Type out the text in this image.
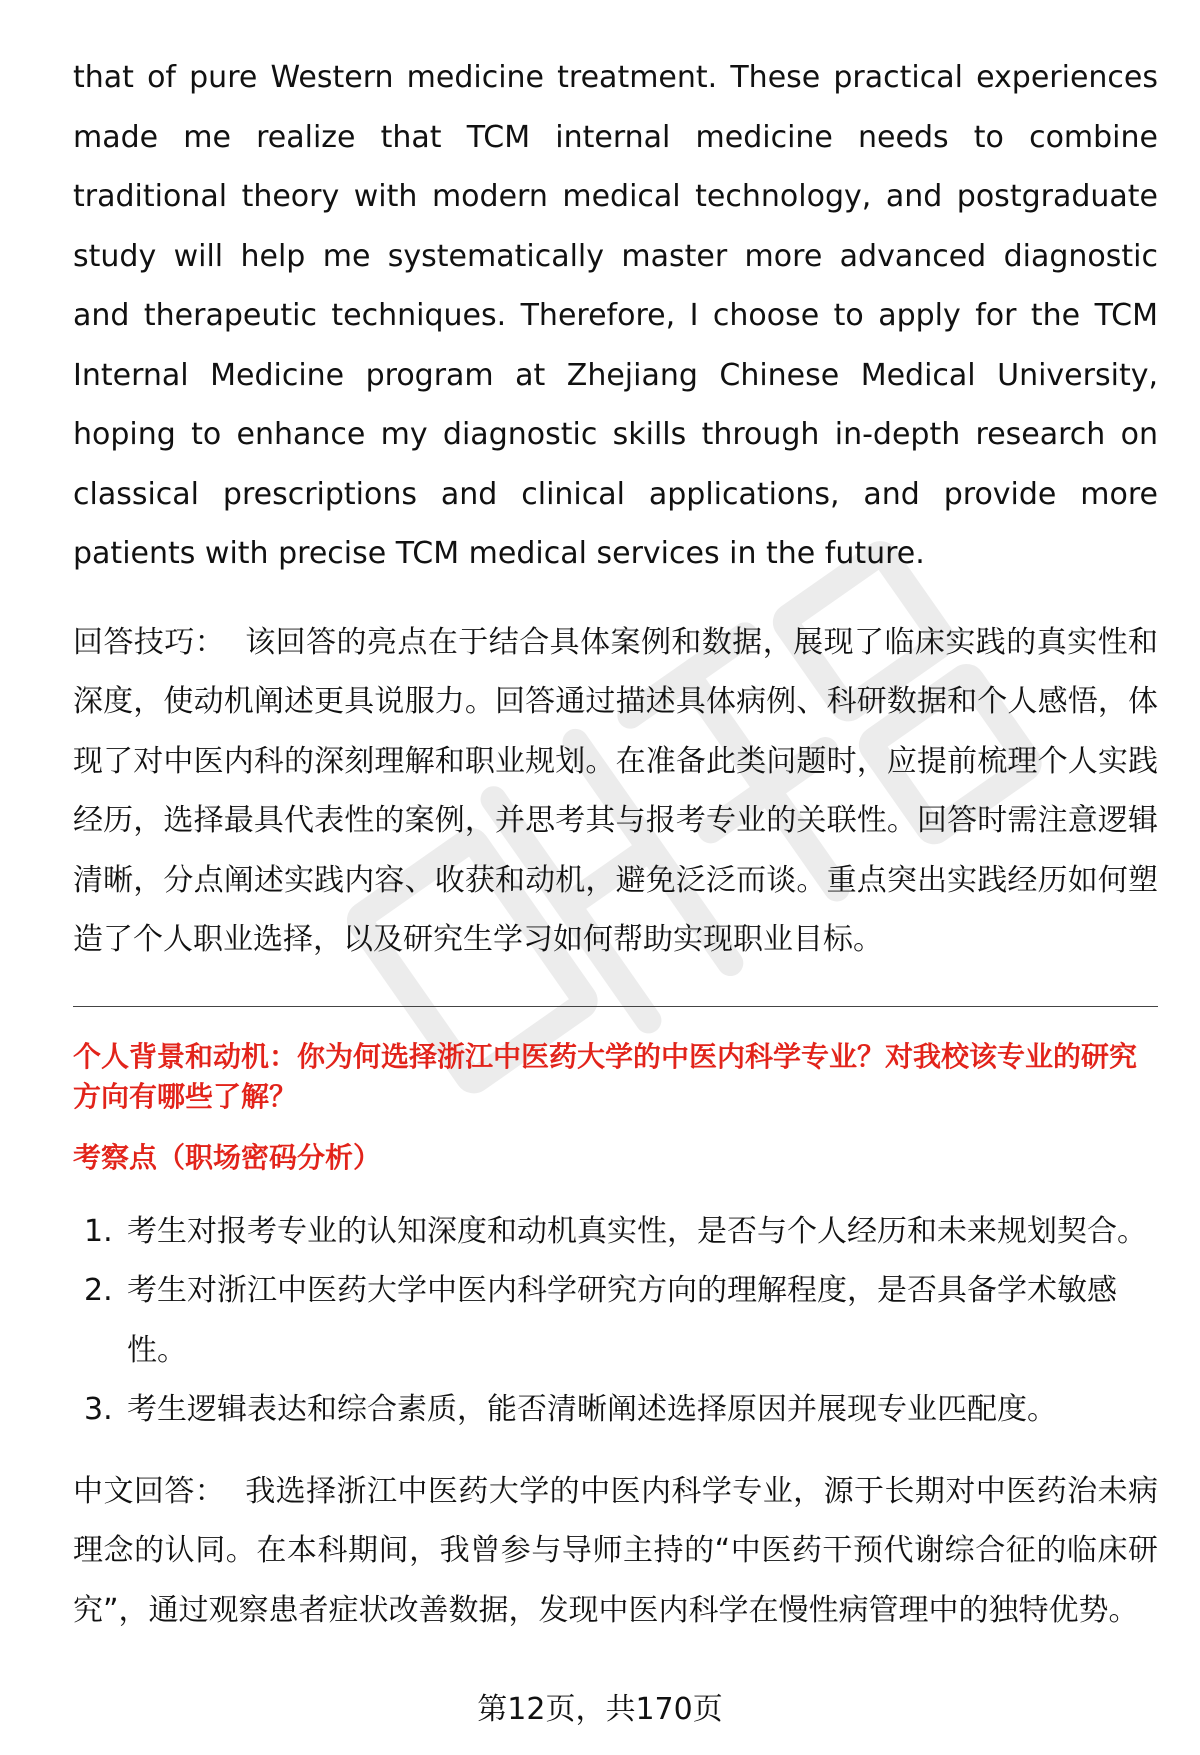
that of pure Western medicine treatment. These practical experiences made me realize that TCM internal medicine needs to combine traditional theory with modern medical technology, and postgraduate study will help me systematically master more advanced diagnostic and therapeutic techniques. Therefore, I choose to apply for the TCM Internal Medicine program at Zhejiang Chinese Medical University, hoping to enhance my diagnostic skills through in-depth research on classical prescriptions and clinical applications, and provide more patients with precise TCM medical services in the future.

回答技巧： 该回答的亮点在于结合具体案例和数据，展现了临床实践的真实性和深度，使动机阐述更具说服力。回答通过描述具体病例、科研数据和个人感悟，体现了对中医内科的深刻理解和职业规划。在准备此类问题时，应提前梳理个人实践经历，选择最具代表性的案例，并思考其与报考专业的关联性。回答时需注意逻辑清晰，分点阐述实践内容、收获和动机，避免泛泛而谈。重点突出实践经历如何塑造了个人职业选择，以及研究生学习如何帮助实现职业目标。

个人背景和动机：你为何选择浙江中医药大学的中医内科学专业？对我校该专业的研究方向有哪些了解？

考察点（职场密码分析）

1. 考生对报考专业的认知深度和动机真实性，是否与个人经历和未来规划契合。
2. 考生对浙江中医药大学中医内科学研究方向的理解程度，是否具备学术敏感性。
3. 考生逻辑表达和综合素质，能否清晰阐述选择原因并展现专业匹配度。

中文回答： 我选择浙江中医药大学的中医内科学专业，源于长期对中医药治未病理念的认同。在本科期间，我曾参与导师主持的“中医药干预代谢综合征的临床研究”，通过观察患者症状改善数据，发现中医内科学在慢性病管理中的独特优势。

第12页，共170页
